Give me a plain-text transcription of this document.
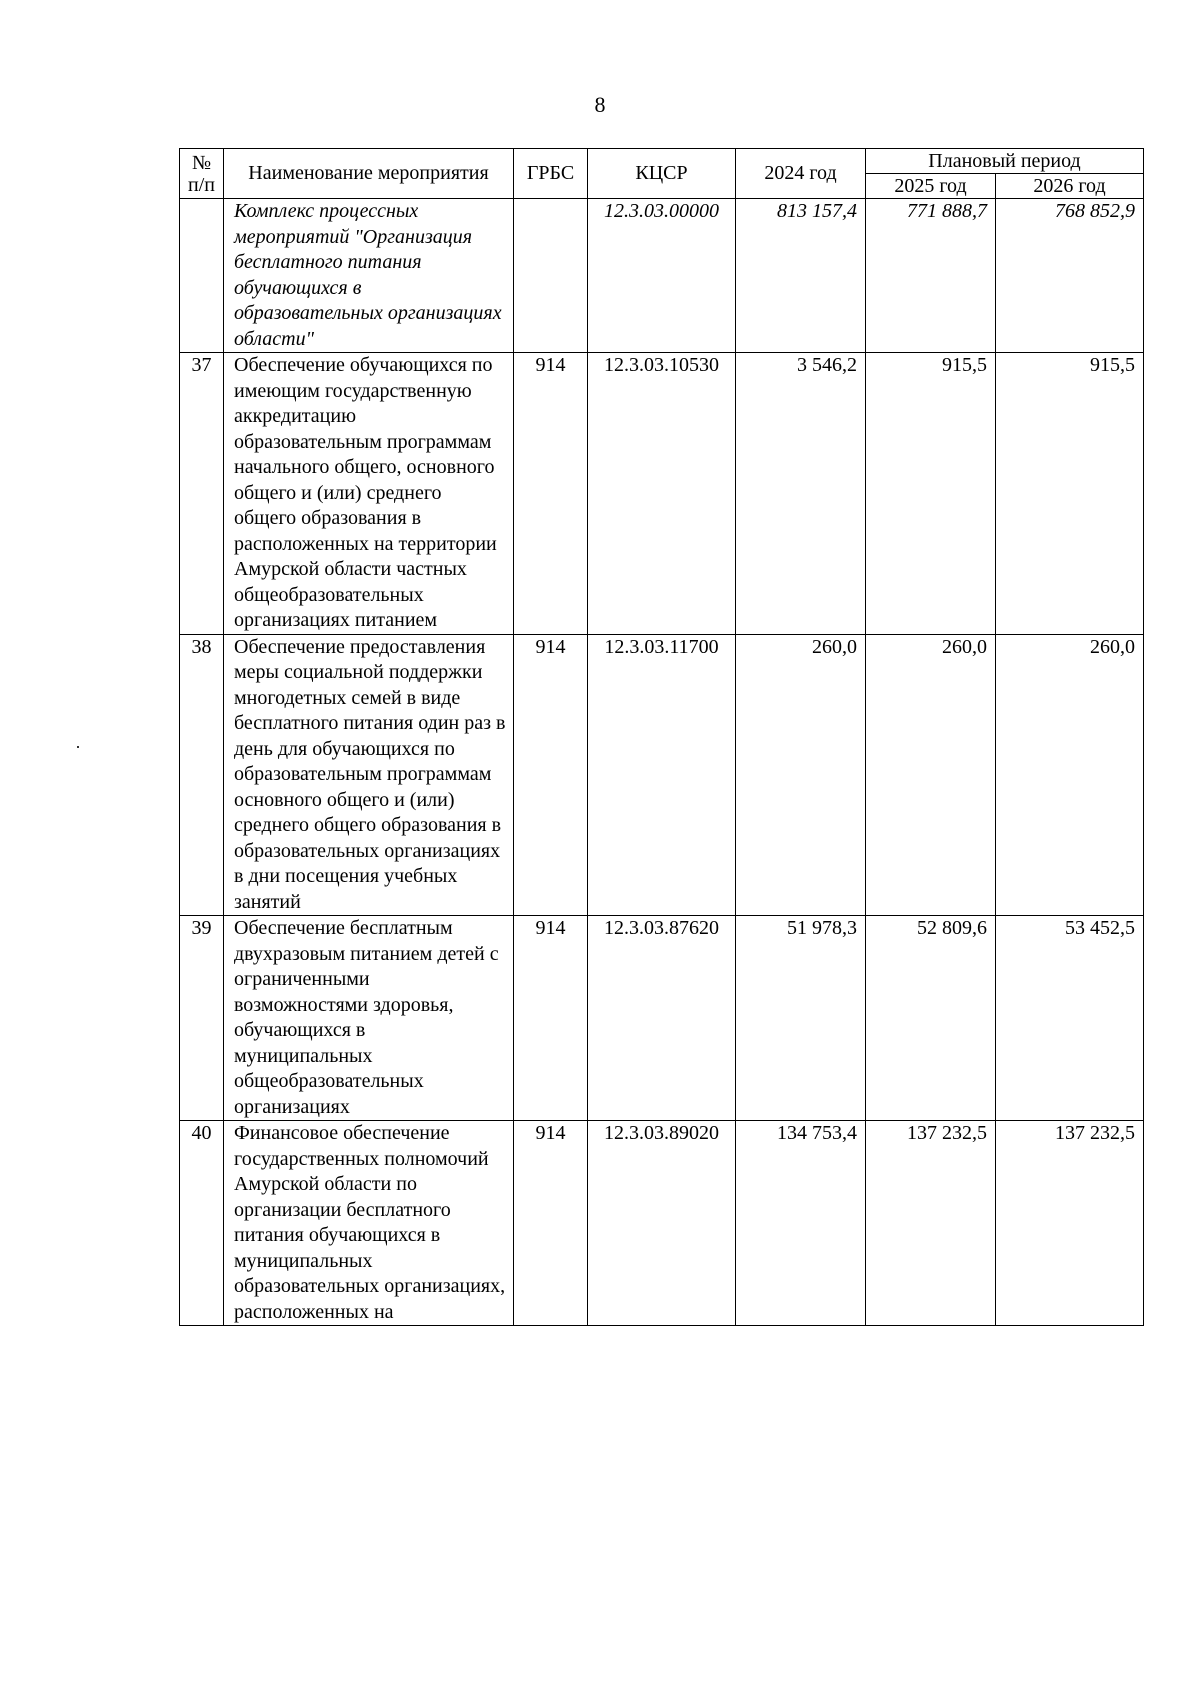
8
№ п/п	Наименование мероприятия	ГРБС	КЦСР	2024 год	Плановый период	
					2025 год	2026 год
	Комплекс процессных мероприятий "Организация бесплатного питания обучающихся в образовательных организациях области"		12.3.03.00000	813 157,4	771 888,7	768 852,9
37	Обеспечение обучающихся по имеющим государственную аккредитацию образовательным программам начального общего, основного общего и (или) среднего общего образования в расположенных на территории Амурской области частных общеобразовательных организациях питанием	914	12.3.03.10530	3 546,2	915,5	915,5
38	Обеспечение предоставления меры социальной поддержки многодетных семей в виде бесплатного питания один раз в день для обучающихся по образовательным программам основного общего и (или) среднего общего образования в образовательных организациях в дни посещения учебных занятий	914	12.3.03.11700	260,0	260,0	260,0
39	Обеспечение бесплатным двухразовым питанием детей с ограниченными возможностями здоровья, обучающихся в муниципальных общеобразовательных организациях	914	12.3.03.87620	51 978,3	52 809,6	53 452,5
40	Финансовое обеспечение государственных полномочий Амурской области по организации бесплатного питания обучающихся в муниципальных образовательных организациях, расположенных на	914	12.3.03.89020	134 753,4	137 232,5	137 232,5
